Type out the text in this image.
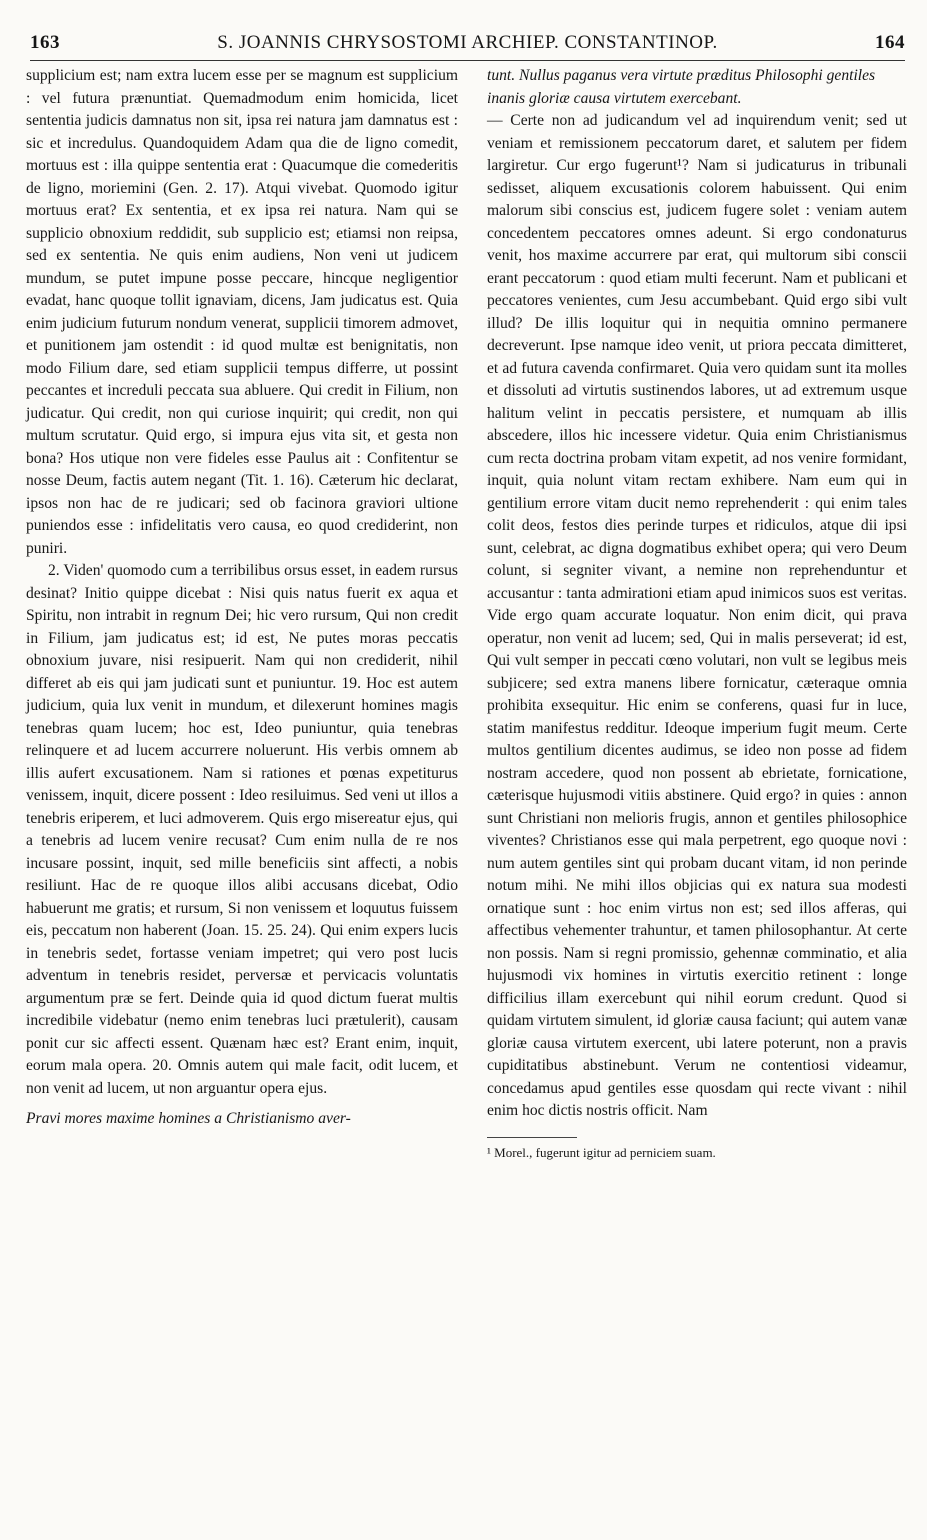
163	S. JOANNIS CHRYSOSTOMI ARCHIEP. CONSTANTINOP.	164

supplicium est; nam extra lucem esse per se magnum est supplicium : vel futura prænuntiat. Quemadmodum enim homicida, licet sententia judicis damnatus non sit, ipsa rei natura jam damnatus est : sic et incredulus. Quandoquidem Adam qua die de ligno comedit, mortuus est : illa quippe sententia erat : Quacumque die comederitis de ligno, moriemini (Gen. 2. 17). Atqui vivebat. Quomodo igitur mortuus erat? Ex sententia, et ex ipsa rei natura. Nam qui se supplicio obnoxium reddidit, sub supplicio est; etiamsi non reipsa, sed ex sententia. Ne quis enim audiens, Non veni ut judicem mundum, se putet impune posse peccare, hincque negligentior evadat, hanc quoque tollit ignaviam, dicens, Jam judicatus est. Quia enim judicium futurum nondum venerat, supplicii timorem admovet, et punitionem jam ostendit : id quod multæ est benignitatis, non modo Filium dare, sed etiam supplicii tempus differre, ut possint peccantes et increduli peccata sua abluere. Qui credit in Filium, non judicatur. Qui credit, non qui curiose inquirit; qui credit, non qui multum scrutatur. Quid ergo, si impura ejus vita sit, et gesta non bona? Hos utique non vere fideles esse Paulus ait : Confitentur se nosse Deum, factis autem negant (Tit. 1. 16). Cæterum hic declarat, ipsos non hac de re judicari; sed ob facinora graviori ultione puniendos esse : infidelitatis vero causa, eo quod crediderint, non puniri.

2. Viden' quomodo cum a terribilibus orsus esset, in eadem rursus desinat? Initio quippe dicebat : Nisi quis natus fuerit ex aqua et Spiritu, non intrabit in regnum Dei; hic vero rursum, Qui non credit in Filium, jam judicatus est; id est, Ne putes moras peccatis obnoxium juvare, nisi resipuerit. Nam qui non crediderit, nihil differet ab eis qui jam judicati sunt et puniuntur. 19. Hoc est autem judicium, quia lux venit in mundum, et dilexerunt homines magis tenebras quam lucem; hoc est, Ideo puniuntur, quia tenebras relinquere et ad lucem accurrere noluerunt. His verbis omnem ab illis aufert excusationem. Nam si rationes et pœnas expetiturus venissem, inquit, dicere possent : Ideo resiluimus. Sed veni ut illos a tenebris eriperem, et luci admoverem. Quis ergo misereatur ejus, qui a tenebris ad lucem venire recusat? Cum enim nulla de re nos incusare possint, inquit, sed mille beneficiis sint affecti, a nobis resiliunt. Hac de re quoque illos alibi accusans dicebat, Odio habuerunt me gratis; et rursum, Si non venissem et loquutus fuissem eis, peccatum non haberent (Joan. 15. 25. 24). Qui enim expers lucis in tenebris sedet, fortasse veniam impetret; qui vero post lucis adventum in tenebris residet, perversæ et pervicacis voluntatis argumentum præ se fert. Deinde quia id quod dictum fuerat multis incredibile videbatur (nemo enim tenebras luci prætulerit), causam ponit cur sic affecti essent. Quænam hæc est? Erant enim, inquit, eorum mala opera. 20. Omnis autem qui male facit, odit lucem, et non venit ad lucem, ut non arguantur opera ejus.

Pravi mores maxime homines a Christianismo aver-

tunt. Nullus paganus vera virtute præditus Philosophi gentiles inanis gloriæ causa virtutem exercebant.

— Certe non ad judicandum vel ad inquirendum venit; sed ut veniam et remissionem peccatorum daret, et salutem per fidem largiretur. Cur ergo fugerunt¹? Nam si judicaturus in tribunali sedisset, aliquem excusationis colorem habuissent. Qui enim malorum sibi conscius est, judicem fugere solet : veniam autem concedentem peccatores omnes adeunt. Si ergo condonaturus venit, hos maxime accurrere par erat, qui multorum sibi conscii erant peccatorum : quod etiam multi fecerunt. Nam et publicani et peccatores venientes, cum Jesu accumbebant. Quid ergo sibi vult illud? De illis loquitur qui in nequitia omnino permanere decreverunt. Ipse namque ideo venit, ut priora peccata dimitteret, et ad futura cavenda confirmaret. Quia vero quidam sunt ita molles et dissoluti ad virtutis sustinendos labores, ut ad extremum usque halitum velint in peccatis persistere, et numquam ab illis abscedere, illos hic incessere videtur. Quia enim Christianismus cum recta doctrina probam vitam expetit, ad nos venire formidant, inquit, quia nolunt vitam rectam exhibere. Nam eum qui in gentilium errore vitam ducit nemo reprehenderit : qui enim tales colit deos, festos dies perinde turpes et ridiculos, atque dii ipsi sunt, celebrat, ac digna dogmatibus exhibet opera; qui vero Deum colunt, si segniter vivant, a nemine non reprehenduntur et accusantur : tanta admirationi etiam apud inimicos suos est veritas. Vide ergo quam accurate loquatur. Non enim dicit, qui prava operatur, non venit ad lucem; sed, Qui in malis perseverat; id est, Qui vult semper in peccati cœno volutari, non vult se legibus meis subjicere; sed extra manens libere fornicatur, cæteraque omnia prohibita exsequitur. Hic enim se conferens, quasi fur in luce, statim manifestus redditur. Ideoque imperium fugit meum. Certe multos gentilium dicentes audimus, se ideo non posse ad fidem nostram accedere, quod non possent ab ebrietate, fornicatione, cæterisque hujusmodi vitiis abstinere. Quid ergo? in quies : annon sunt Christiani non melioris frugis, annon et gentiles philosophice viventes? Christianos esse qui mala perpetrent, ego quoque novi : num autem gentiles sint qui probam ducant vitam, id non perinde notum mihi. Ne mihi illos objicias qui ex natura sua modesti ornatique sunt : hoc enim virtus non est; sed illos afferas, qui affectibus vehementer trahuntur, et tamen philosophantur. At certe non possis. Nam si regni promissio, gehennæ comminatio, et alia hujusmodi vix homines in virtutis exercitio retinent : longe difficilius illam exercebunt qui nihil eorum credunt. Quod si quidam virtutem simulent, id gloriæ causa faciunt; qui autem vanæ gloriæ causa virtutem exercent, ubi latere poterunt, non a pravis cupiditatibus abstinebunt. Verum ne contentiosi videamur, concedamus apud gentiles esse quosdam qui recte vivant : nihil enim hoc dictis nostris officit. Nam

¹ Morel., fugerunt igitur ad perniciem suam.
